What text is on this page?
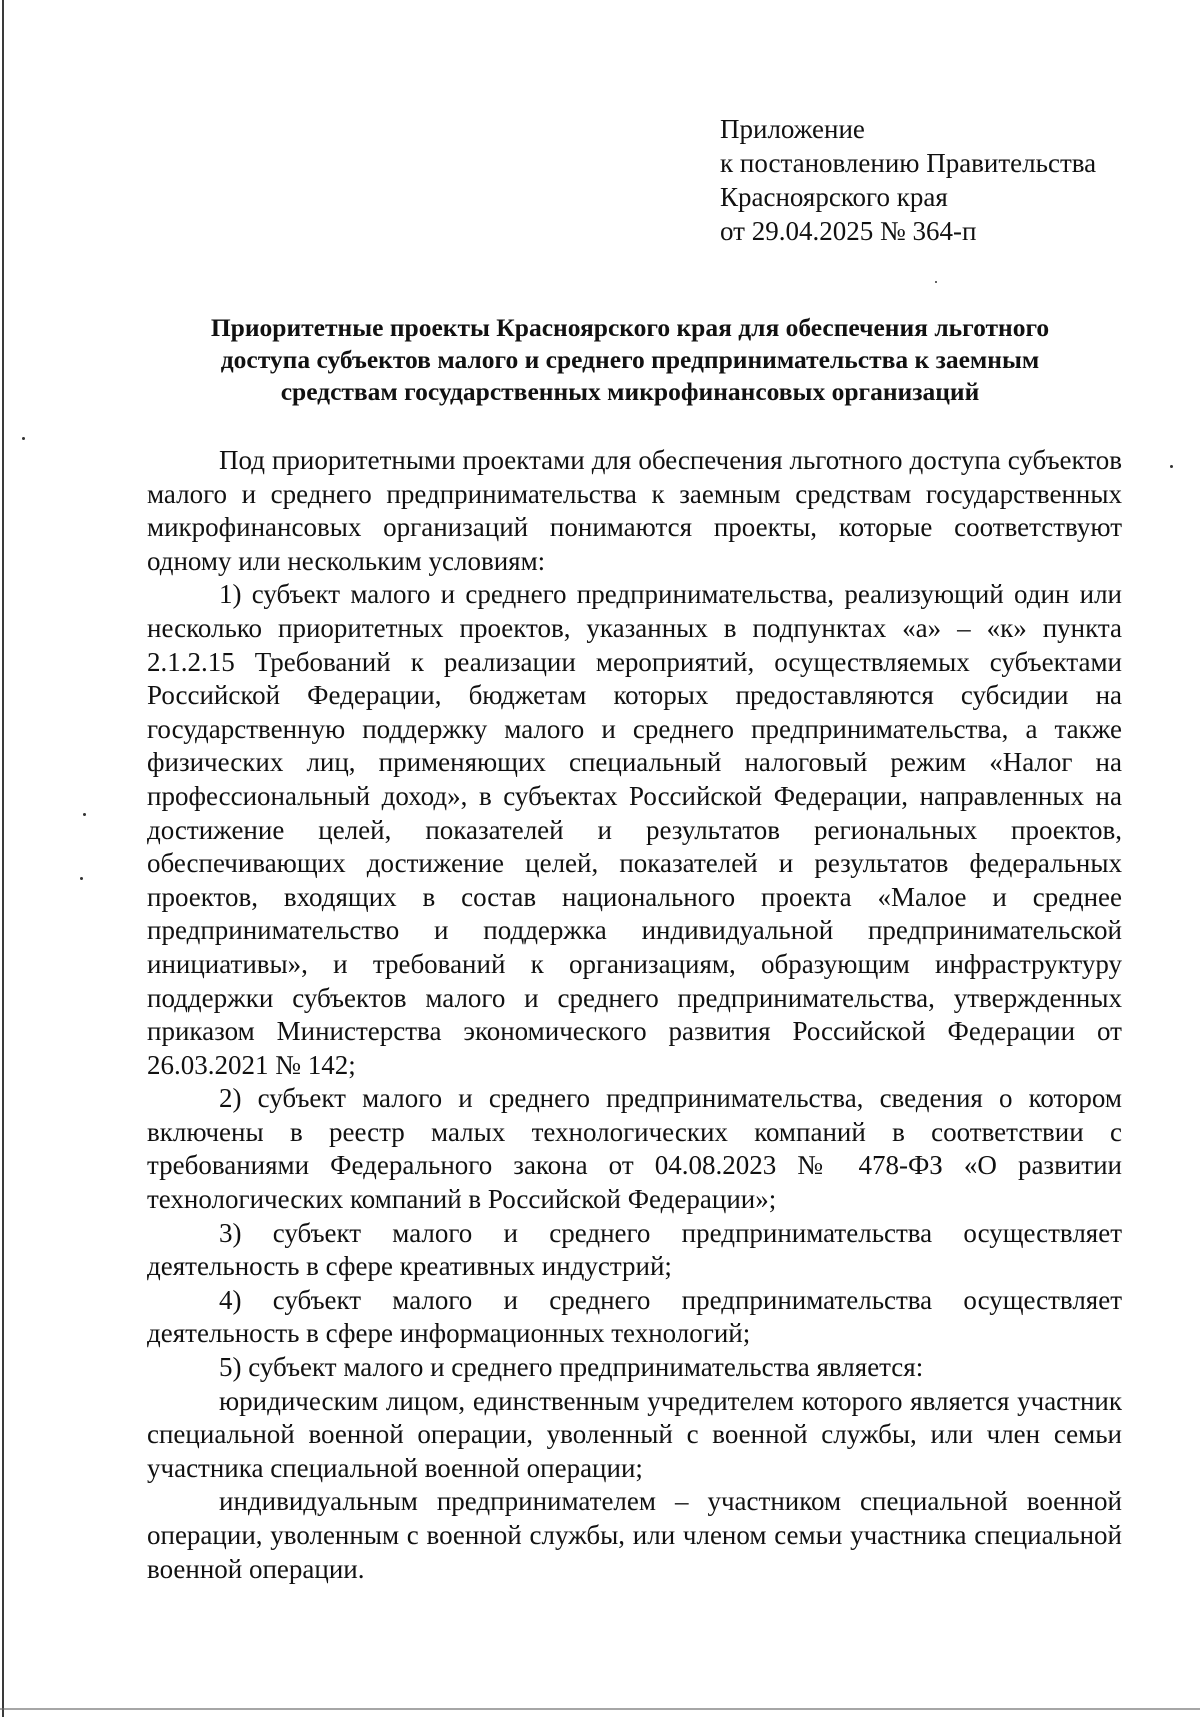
Приложение
к постановлению Правительства
Красноярского края
от 29.04.2025 № 364-п
Приоритетные проекты Красноярского края для обеспечения льготного
доступа субъектов малого и среднего предпринимательства к заемным
средствам государственных микрофинансовых организаций

Под приоритетными проектами для обеспечения льготного доступа субъектов малого и среднего предпринимательства к заемным средствам государственных микрофинансовых организаций понимаются проекты, которые соответствуют одному или нескольким условиям:

1) субъект малого и среднего предпринимательства, реализующий один или несколько приоритетных проектов, указанных в подпунктах «а» – «к» пункта 2.1.2.15 Требований к реализации мероприятий, осуществляемых субъектами Российской Федерации, бюджетам которых предоставляются субсидии на государственную поддержку малого и среднего предпринимательства, а также физических лиц, применяющих специальный налоговый режим «Налог на профессиональный доход», в субъектах Российской Федерации, направленных на достижение целей, показателей и результатов региональных проектов, обеспечивающих достижение целей, показателей и результатов федеральных проектов, входящих в состав национального проекта «Малое и среднее предпринимательство и поддержка индивидуальной предпринимательской инициативы», и требований к организациям, образующим инфраструктуру поддержки субъектов малого и среднего предпринимательства, утвержденных приказом Министерства экономического развития Российской Федерации от 26.03.2021 № 142;

2) субъект малого и среднего предпринимательства, сведения о котором включены в реестр малых технологических компаний в соответствии с требованиями Федерального закона от 04.08.2023 № 478-ФЗ «О развитии технологических компаний в Российской Федерации»;

3) субъект малого и среднего предпринимательства осуществляет деятельность в сфере креативных индустрий;

4) субъект малого и среднего предпринимательства осуществляет деятельность в сфере информационных технологий;

5) субъект малого и среднего предпринимательства является:

юридическим лицом, единственным учредителем которого является участник специальной военной операции, уволенный с военной службы, или член семьи участника специальной военной операции;

индивидуальным предпринимателем – участником специальной военной операции, уволенным с военной службы, или членом семьи участника специальной военной операции.
